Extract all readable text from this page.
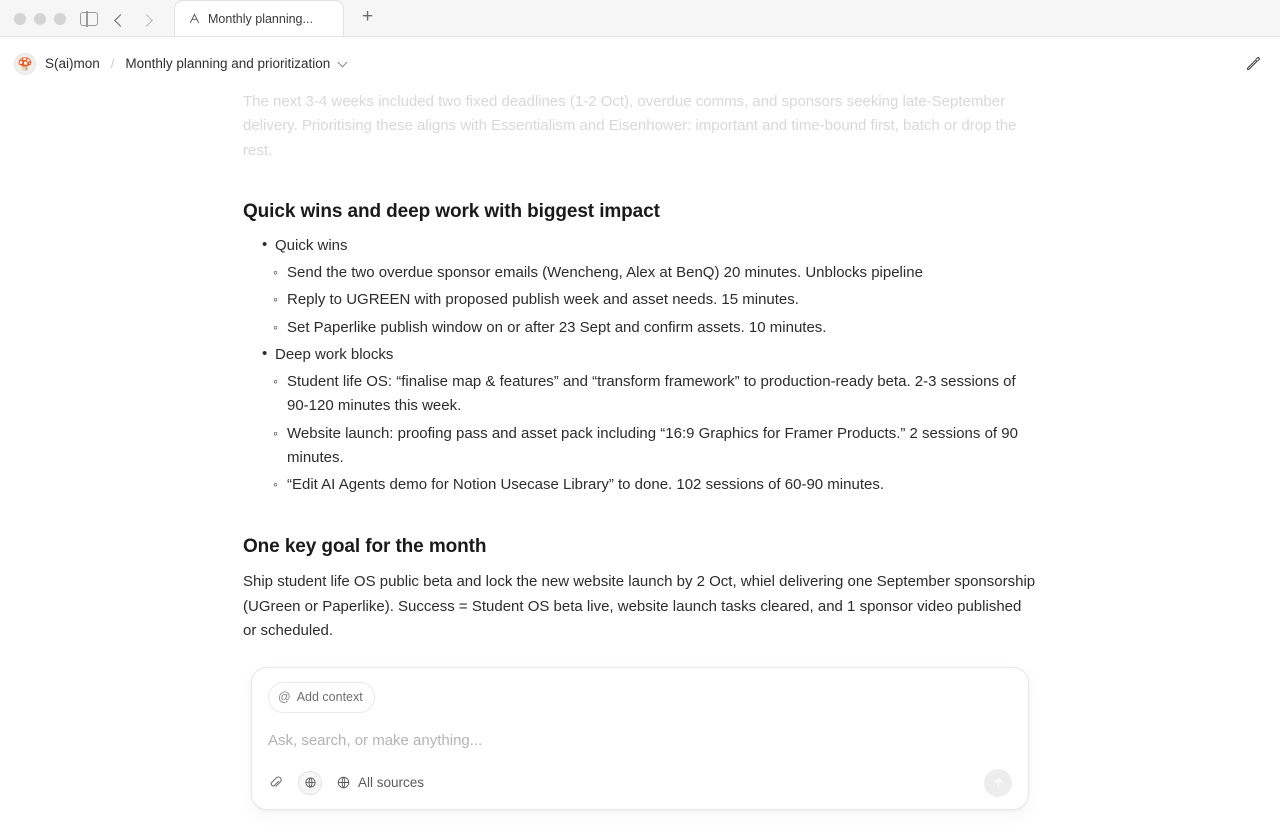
Monthly planning...	+
🍄 S(ai)mon / Monthly planning and prioritization

The next 3-4 weeks included two fixed deadlines (1-2 Oct), overdue comms, and sponsors seeking late-September delivery. Prioritising these aligns with Essentialism and Eisenhower: important and time-bound first, batch or drop the rest.

Quick wins and deep work with biggest impact
• Quick wins
◦ Send the two overdue sponsor emails (Wencheng, Alex at BenQ) 20 minutes. Unblocks pipeline
◦ Reply to UGREEN with proposed publish week and asset needs. 15 minutes.
◦ Set Paperlike publish window on or after 23 Sept and confirm assets. 10 minutes.
• Deep work blocks
◦ Student life OS: “finalise map & features” and “transform framework” to production-ready beta. 2-3 sessions of 90-120 minutes this week.
◦ Website launch: proofing pass and asset pack including “16:9 Graphics for Framer Products.” 2 sessions of 90 minutes.
◦ “Edit AI Agents demo for Notion Usecase Library” to done. 102 sessions of 60-90 minutes.
One key goal for the month

Ship student life OS public beta and lock the new website launch by 2 Oct, whiel delivering one September sponsorship (UGreen or Paperlike). Success = Student OS beta live, website launch tasks cleared, and 1 sponsor video published or scheduled.

@ Add context
Ask, search, or make anything...
All sources
